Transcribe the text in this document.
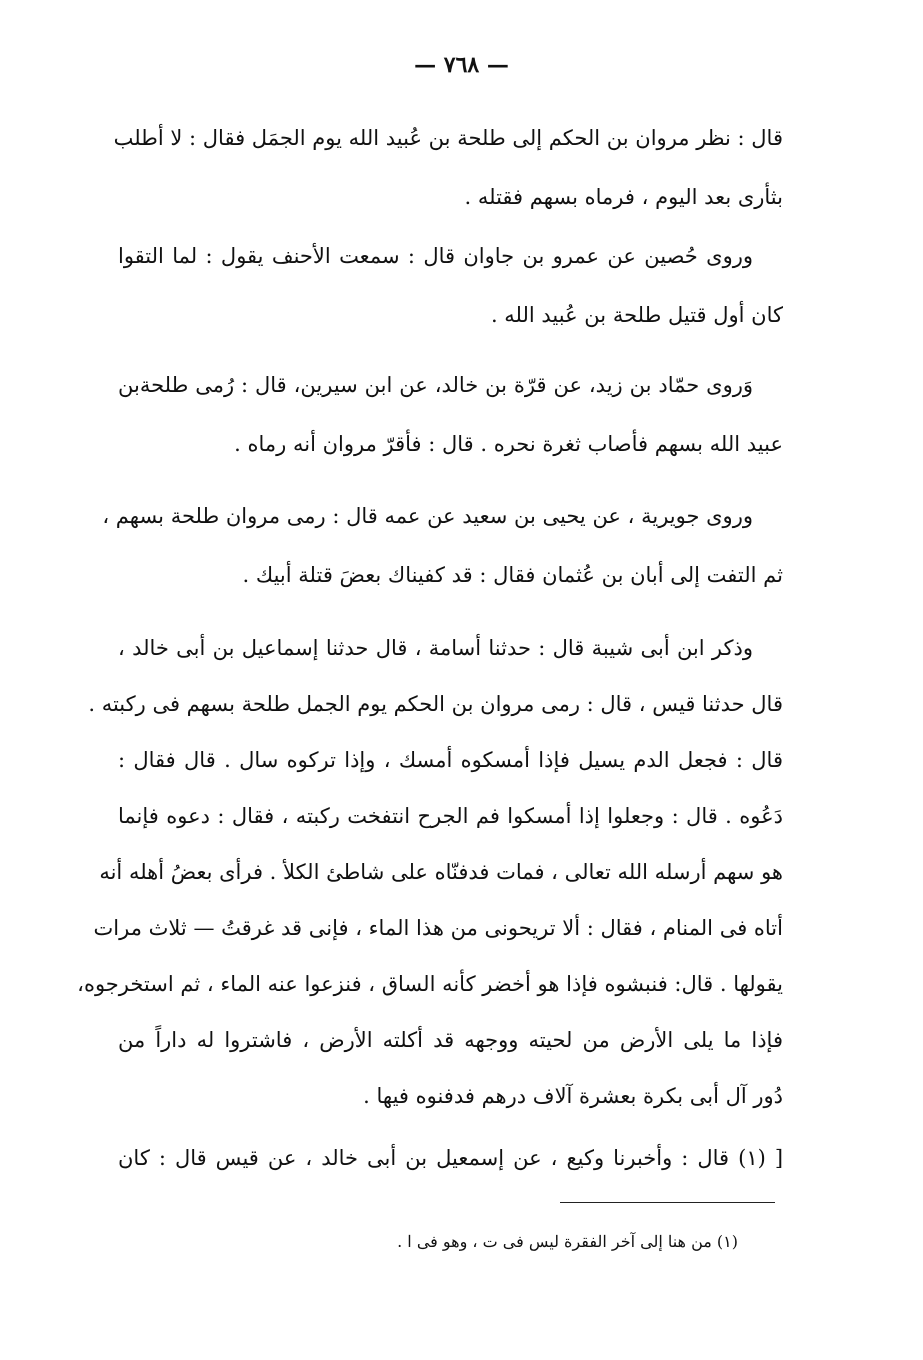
— ٧٦٨ —
قال : نظر مروان بن الحكم إلى طلحة بن عُبيد الله يوم الجمَل فقال : لا أطلب
بثأرى بعد اليوم ، فرماه بسهم فقتله .
وروى حُصين عن عمرو بن جاوان قال : سمعت الأحنف يقول : لما التقوا
كان أول قتيل طلحة بن عُبيد الله .
وَروى حمّاد بن زيد، عن قرّة بن خالد، عن ابن سيرين، قال : رُمى طلحةبن
عبيد الله بسهم فأصاب ثغرة نحره . قال : فأقرّ مروان أنه رماه .
وروى جويرية ، عن يحيى بن سعيد عن عمه قال : رمى مروان طلحة بسهم ،
ثم التفت إلى أبان بن عُثمان فقال : قد كفيناك بعضَ قتلة أبيك .
وذكر ابن أبى شيبة قال : حدثنا أسامة ، قال حدثنا إسماعيل بن أبى خالد ،
قال حدثنا قيس ، قال : رمى مروان بن الحكم يوم الجمل طلحة بسهم فى ركبته .
قال : فجعل الدم يسيل فإذا أمسكوه أمسك ، وإذا تركوه سال . قال فقال :
دَعُوه . قال : وجعلوا إذا أمسكوا فم الجرح انتفخت ركبته ، فقال : دعوه فإنما
هو سهم أرسله الله تعالى ، فمات فدفنّاه على شاطئ الكلأ . فرأى بعضُ أهله أنه
أتاه فى المنام ، فقال : ألا تريحونى من هذا الماء ، فإنى قد غرقتُ — ثلاث مرات
يقولها . قال: فنبشوه فإذا هو أخضر كأنه الساق ، فنزعوا عنه الماء ، ثم استخرجوه،
فإذا ما يلى الأرض من لحيته ووجهه قد أكلته الأرض ، فاشتروا له داراً من
دُور آل أبى بكرة بعشرة آلاف درهم فدفنوه فيها .
[ (١) قال : وأخبرنا وكيع ، عن إسمعيل بن أبى خالد ، عن قيس قال : كان
(١) من هنا إلى آخر الفقرة ليس فى ت ، وهو فى ا .
